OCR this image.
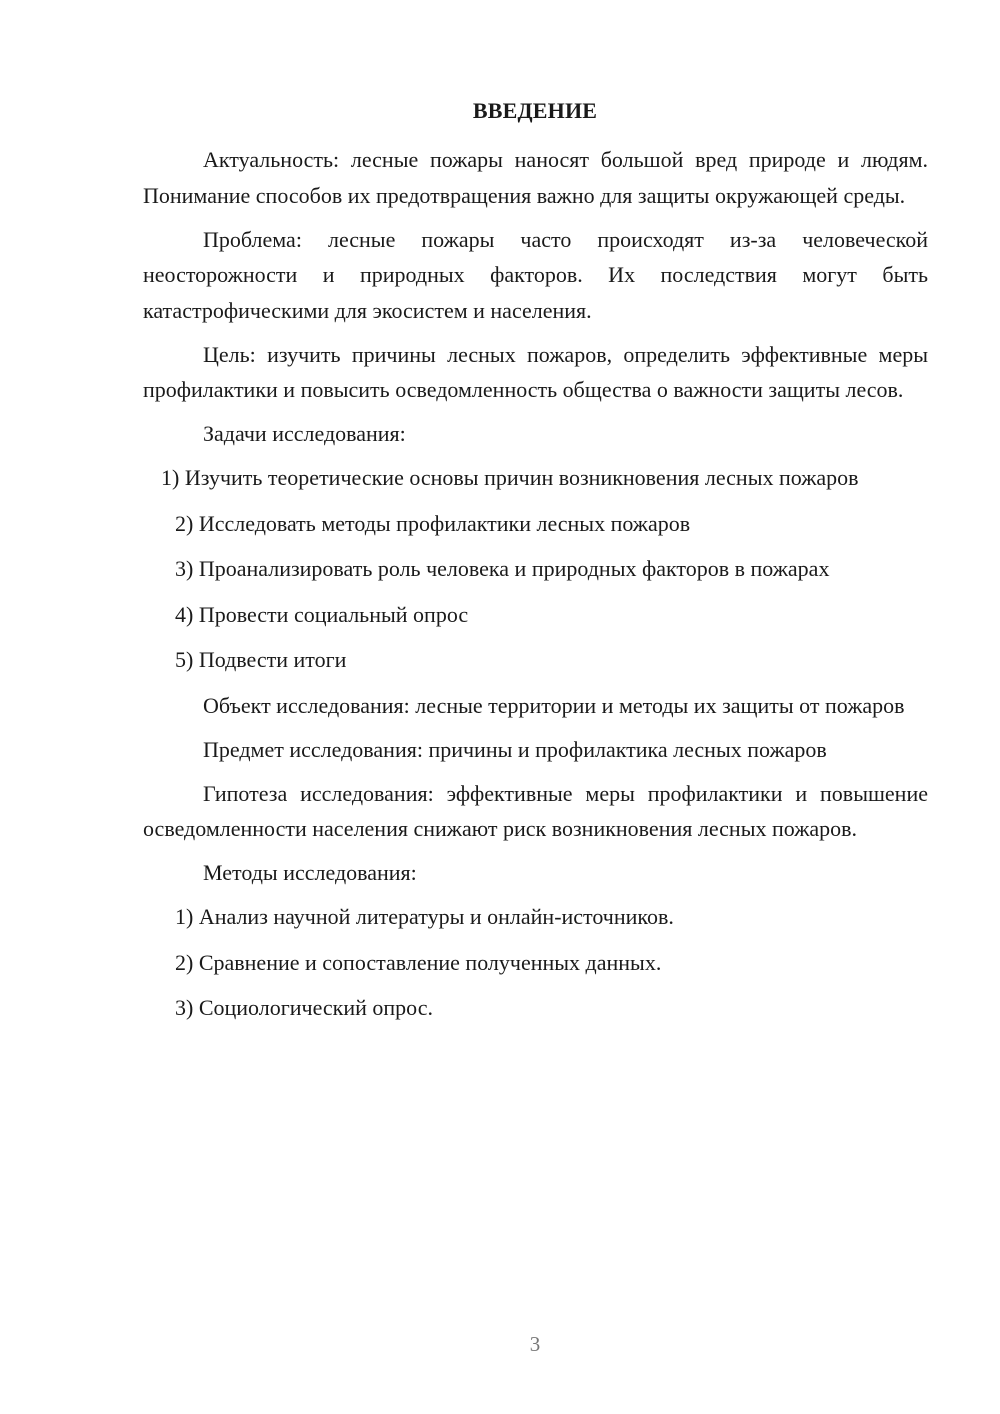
ВВЕДЕНИЕ

Актуальность: лесные пожары наносят большой вред природе и людям. Понимание способов их предотвращения важно для защиты окружающей среды.

Проблема: лесные пожары часто происходят из-за человеческой неосторожности и природных факторов. Их последствия могут быть катастрофическими для экосистем и населения.

Цель: изучить причины лесных пожаров, определить эффективные меры профилактики и повысить осведомленность общества о важности защиты лесов.

Задачи исследования:

1) Изучить теоретические основы причин возникновения лесных пожаров

2) Исследовать методы профилактики лесных пожаров

3) Проанализировать роль человека и природных факторов в пожарах

4) Провести социальный опрос

5) Подвести итоги

Объект исследования: лесные территории и методы их защиты от пожаров

Предмет исследования: причины и профилактика лесных пожаров

Гипотеза исследования: эффективные меры профилактики и повышение осведомленности населения снижают риск возникновения лесных пожаров.

Методы исследования:

1) Анализ научной литературы и онлайн-источников.

2) Сравнение и сопоставление полученных данных.

3) Социологический опрос.

3
